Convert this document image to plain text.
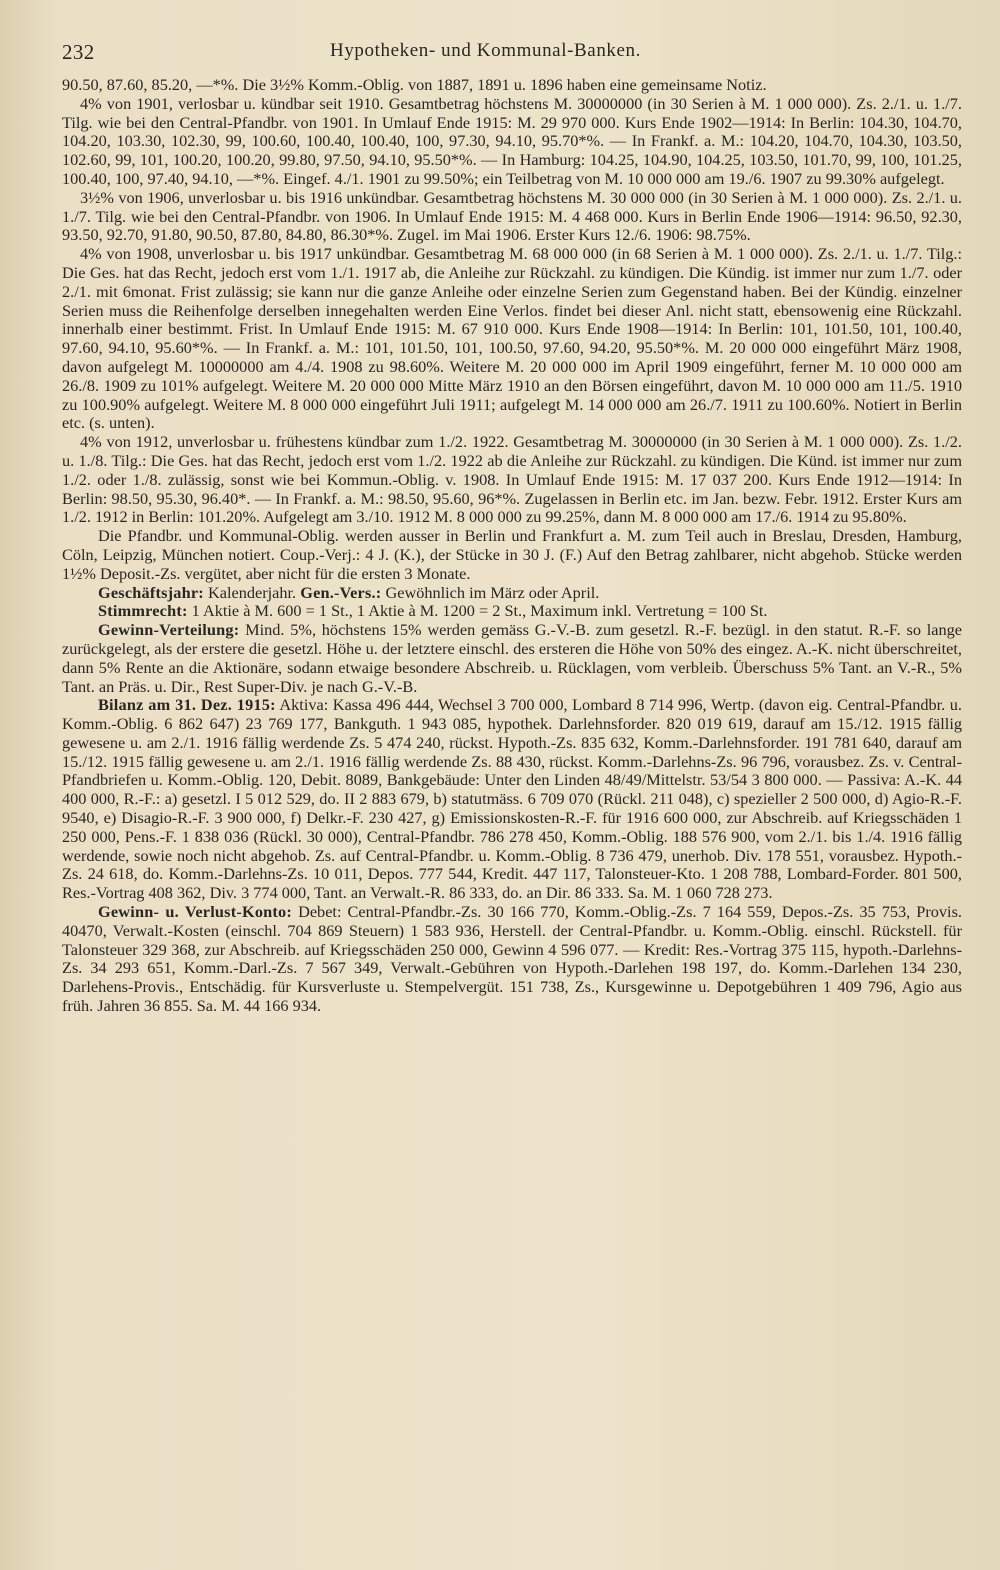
232	Hypotheken- und Kommunal-Banken.

90.50, 87.60, 85.20, —*%. Die 3½% Komm.-Oblig. von 1887, 1891 u. 1896 haben eine gemeinsame Notiz.

4% von 1901, verlosbar u. kündbar seit 1910. Gesamtbetrag höchstens M. 30000000 (in 30 Serien à M. 1 000 000). Zs. 2./1. u. 1./7. Tilg. wie bei den Central-Pfandbr. von 1901. In Umlauf Ende 1915: M. 29 970 000. Kurs Ende 1902—1914: In Berlin: 104.30, 104.70, 104.20, 103.30, 102.30, 99, 100.60, 100.40, 100.40, 100, 97.30, 94.10, 95.70*%. — In Frankf. a. M.: 104.20, 104.70, 104.30, 103.50, 102.60, 99, 101, 100.20, 100.20, 99.80, 97.50, 94.10, 95.50*%. — In Hamburg: 104.25, 104.90, 104.25, 103.50, 101.70, 99, 100, 101.25, 100.40, 100, 97.40, 94.10, —*%. Eingef. 4./1. 1901 zu 99.50%; ein Teilbetrag von M. 10 000 000 am 19./6. 1907 zu 99.30% aufgelegt.

3½% von 1906, unverlosbar u. bis 1916 unkündbar. Gesamtbetrag höchstens M. 30 000 000 (in 30 Serien à M. 1 000 000). Zs. 2./1. u. 1./7. Tilg. wie bei den Central-Pfandbr. von 1906. In Umlauf Ende 1915: M. 4 468 000. Kurs in Berlin Ende 1906—1914: 96.50, 92.30, 93.50, 92.70, 91.80, 90.50, 87.80, 84.80, 86.30*%. Zugel. im Mai 1906. Erster Kurs 12./6. 1906: 98.75%.

4% von 1908, unverlosbar u. bis 1917 unkündbar. Gesamtbetrag M. 68 000 000 (in 68 Serien à M. 1 000 000). Zs. 2./1. u. 1./7. Tilg.: Die Ges. hat das Recht, jedoch erst vom 1./1. 1917 ab, die Anleihe zur Rückzahl. zu kündigen. Die Kündig. ist immer nur zum 1./7. oder 2./1. mit 6monat. Frist zulässig; sie kann nur die ganze Anleihe oder einzelne Serien zum Gegenstand haben. Bei der Kündig. einzelner Serien muss die Reihenfolge derselben innegehalten werden Eine Verlos. findet bei dieser Anl. nicht statt, ebensowenig eine Rückzahl. innerhalb einer bestimmt. Frist. In Umlauf Ende 1915: M. 67 910 000. Kurs Ende 1908—1914: In Berlin: 101, 101.50, 101, 100.40, 97.60, 94.10, 95.60*%. — In Frankf. a. M.: 101, 101.50, 101, 100.50, 97.60, 94.20, 95.50*%. M. 20 000 000 eingeführt März 1908, davon aufgelegt M. 10000000 am 4./4. 1908 zu 98.60%. Weitere M. 20 000 000 im April 1909 eingeführt, ferner M. 10 000 000 am 26./8. 1909 zu 101% aufgelegt. Weitere M. 20 000 000 Mitte März 1910 an den Börsen eingeführt, davon M. 10 000 000 am 11./5. 1910 zu 100.90% aufgelegt. Weitere M. 8 000 000 eingeführt Juli 1911; aufgelegt M. 14 000 000 am 26./7. 1911 zu 100.60%. Notiert in Berlin etc. (s. unten).

4% von 1912, unverlosbar u. frühestens kündbar zum 1./2. 1922. Gesamtbetrag M. 30000000 (in 30 Serien à M. 1 000 000). Zs. 1./2. u. 1./8. Tilg.: Die Ges. hat das Recht, jedoch erst vom 1./2. 1922 ab die Anleihe zur Rückzahl. zu kündigen. Die Künd. ist immer nur zum 1./2. oder 1./8. zulässig, sonst wie bei Kommun.-Oblig. v. 1908. In Umlauf Ende 1915: M. 17 037 200. Kurs Ende 1912—1914: In Berlin: 98.50, 95.30, 96.40*. — In Frankf. a. M.: 98.50, 95.60, 96*%. Zugelassen in Berlin etc. im Jan. bezw. Febr. 1912. Erster Kurs am 1./2. 1912 in Berlin: 101.20%. Aufgelegt am 3./10. 1912 M. 8 000 000 zu 99.25%, dann M. 8 000 000 am 17./6. 1914 zu 95.80%.

Die Pfandbr. und Kommunal-Oblig. werden ausser in Berlin und Frankfurt a. M. zum Teil auch in Breslau, Dresden, Hamburg, Cöln, Leipzig, München notiert. Coup.-Verj.: 4 J. (K.), der Stücke in 30 J. (F.) Auf den Betrag zahlbarer, nicht abgehob. Stücke werden 1½% Deposit.-Zs. vergütet, aber nicht für die ersten 3 Monate.

Geschäftsjahr: Kalenderjahr. Gen.-Vers.: Gewöhnlich im März oder April.

Stimmrecht: 1 Aktie à M. 600 = 1 St., 1 Aktie à M. 1200 = 2 St., Maximum inkl. Vertretung = 100 St.

Gewinn-Verteilung: Mind. 5%, höchstens 15% werden gemäss G.-V.-B. zum gesetzl. R.-F. bezügl. in den statut. R.-F. so lange zurückgelegt, als der erstere die gesetzl. Höhe u. der letztere einschl. des ersteren die Höhe von 50% des eingez. A.-K. nicht überschreitet, dann 5% Rente an die Aktionäre, sodann etwaige besondere Abschreib. u. Rücklagen, vom verbleib. Überschuss 5% Tant. an V.-R., 5% Tant. an Präs. u. Dir., Rest Super-Div. je nach G.-V.-B.

Bilanz am 31. Dez. 1915: Aktiva: Kassa 496 444, Wechsel 3 700 000, Lombard 8 714 996, Wertp. (davon eig. Central-Pfandbr. u. Komm.-Oblig. 6 862 647) 23 769 177, Bankguth. 1 943 085, hypothek. Darlehnsforder. 820 019 619, darauf am 15./12. 1915 fällig gewesene u. am 2./1. 1916 fällig werdende Zs. 5 474 240, rückst. Hypoth.-Zs. 835 632, Komm.-Darlehnsforder. 191 781 640, darauf am 15./12. 1915 fällig gewesene u. am 2./1. 1916 fällig werdende Zs. 88 430, rückst. Komm.-Darlehns-Zs. 96 796, vorausbez. Zs. v. Central-Pfandbriefen u. Komm.-Oblig. 120, Debit. 8089, Bankgebäude: Unter den Linden 48/49/Mittelstr. 53/54 3 800 000. — Passiva: A.-K. 44 400 000, R.-F.: a) gesetzl. I 5 012 529, do. II 2 883 679, b) statutmäss. 6 709 070 (Rückl. 211 048), c) spezieller 2 500 000, d) Agio-R.-F. 9540, e) Disagio-R.-F. 3 900 000, f) Delkr.-F. 230 427, g) Emissionskosten-R.-F. für 1916 600 000, zur Abschreib. auf Kriegsschäden 1 250 000, Pens.-F. 1 838 036 (Rückl. 30 000), Central-Pfandbr. 786 278 450, Komm.-Oblig. 188 576 900, vom 2./1. bis 1./4. 1916 fällig werdende, sowie noch nicht abgehob. Zs. auf Central-Pfandbr. u. Komm.-Oblig. 8 736 479, unerhob. Div. 178 551, vorausbez. Hypoth.-Zs. 24 618, do. Komm.-Darlehns-Zs. 10 011, Depos. 777 544, Kredit. 447 117, Talonsteuer-Kto. 1 208 788, Lombard-Forder. 801 500, Res.-Vortrag 408 362, Div. 3 774 000, Tant. an Verwalt.-R. 86 333, do. an Dir. 86 333. Sa. M. 1 060 728 273.

Gewinn- u. Verlust-Konto: Debet: Central-Pfandbr.-Zs. 30 166 770, Komm.-Oblig.-Zs. 7 164 559, Depos.-Zs. 35 753, Provis. 40470, Verwalt.-Kosten (einschl. 704 869 Steuern) 1 583 936, Herstell. der Central-Pfandbr. u. Komm.-Oblig. einschl. Rückstell. für Talonsteuer 329 368, zur Abschreib. auf Kriegsschäden 250 000, Gewinn 4 596 077. — Kredit: Res.-Vortrag 375 115, hypoth.-Darlehns-Zs. 34 293 651, Komm.-Darl.-Zs. 7 567 349, Verwalt.-Gebühren von Hypoth.-Darlehen 198 197, do. Komm.-Darlehen 134 230, Darlehens-Provis., Entschädig. für Kursverluste u. Stempelvergüt. 151 738, Zs., Kursgewinne u. Depotgebühren 1 409 796, Agio aus früh. Jahren 36 855. Sa. M. 44 166 934.
